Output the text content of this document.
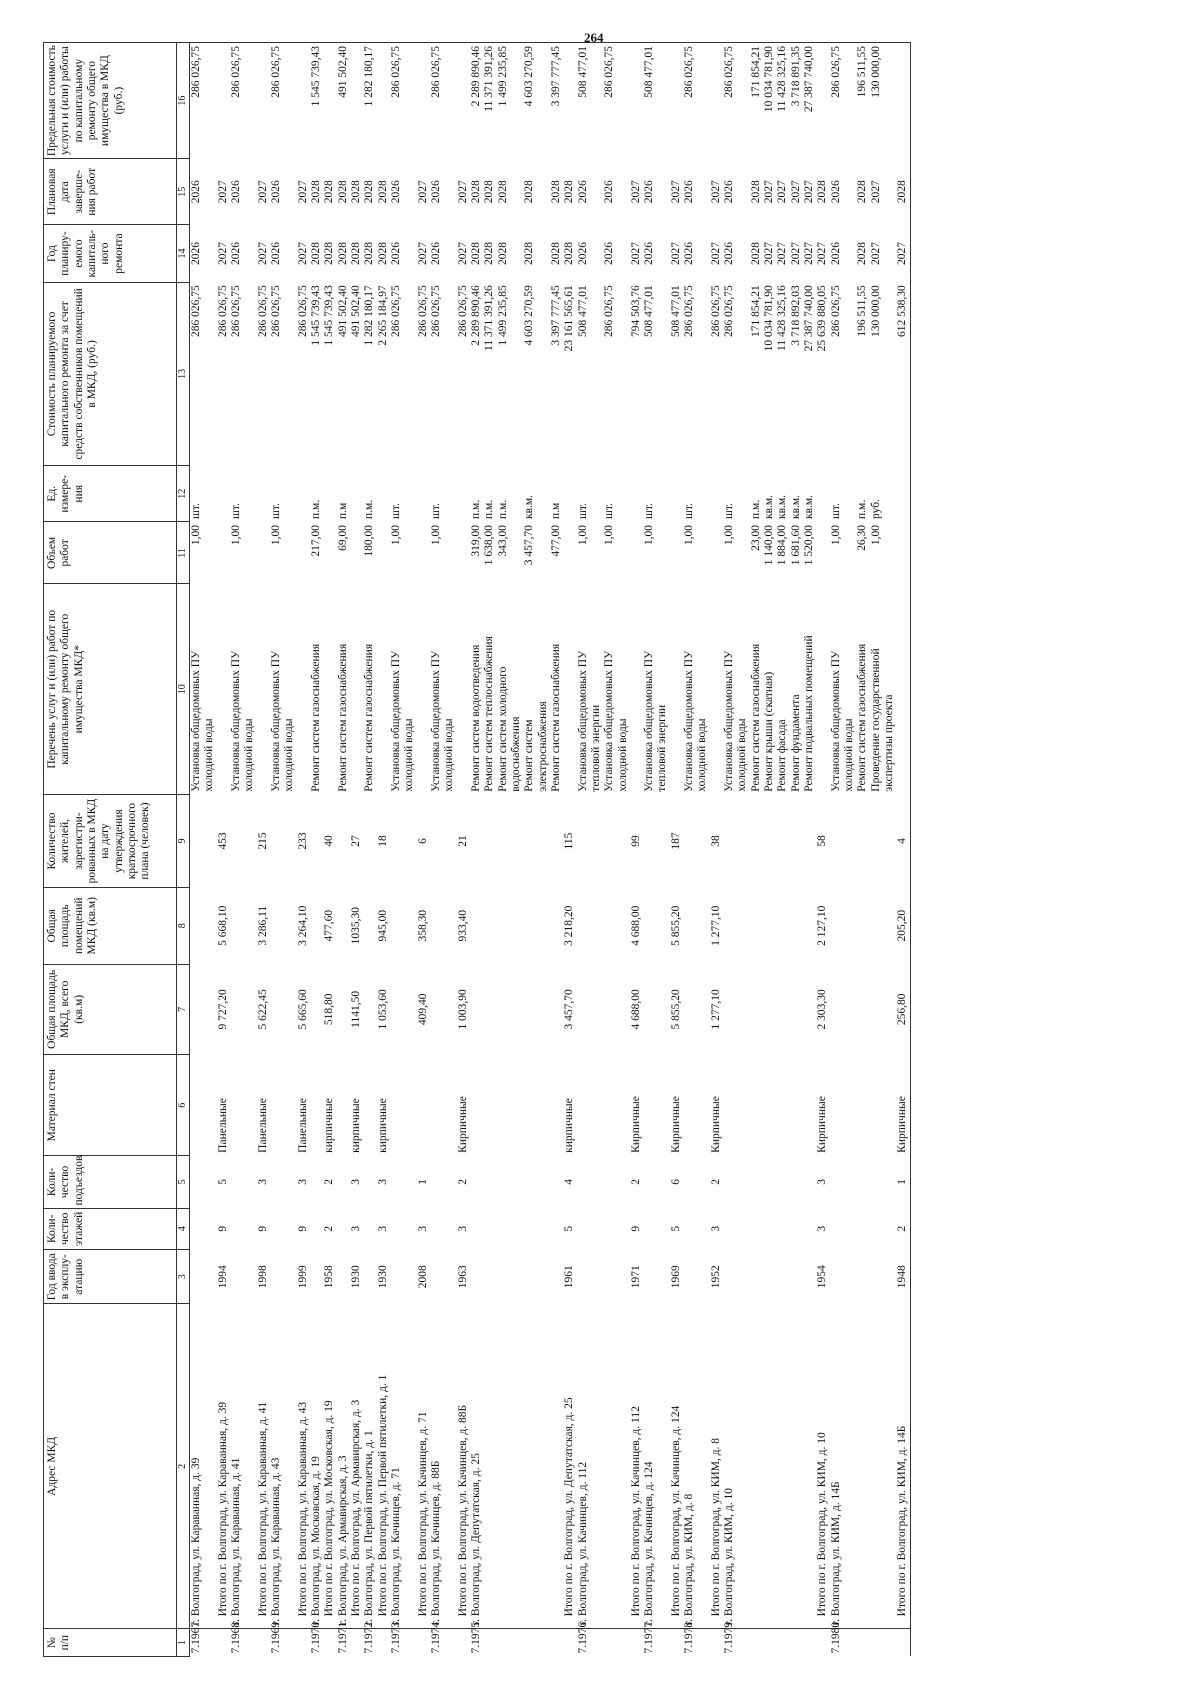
264
№ п/п	Адрес МКД	Год ввода в эксплу-атацию	Коли-чество этажей	Коли-чество подъездов	Материал стен	Общая площадь МКД, всего (кв.м)	Общая площадь помещений МКД (кв.м)	Количество жителей, зарегистри-рованных в МКД на дату утверждения краткосрочного плана (человек)	Перечень услуг и (или) работ по капитальному ремонту общего имущества МКД*	Объем работ	Ед. измере-ния	Стоимость планируемого капитального ремонта за счет средств собственников помещений в МКД, (руб.)	Год планиру-емого капиталь-ного ремонта	Плановая дата заверше-ния работ	Предельная стоимость услуги и (или) работы по капитальному ремонту общего имущества в МКД (руб.)
1	2	3	4	5	6	7	8	9	10	11	12	13	14	15	16
7.1967.	г. Волгоград, ул. Караванная, д. 39								Установка общедомовых ПУ	1,00	шт.	286 026,75	2026	2026	286 026,75
									холодной воды						
	Итого по г. Волгоград, ул. Караванная, д. 39	1994	9	5	Панельные	9 727,20	5 668,10	453				286 026,75	2027	2027	
7.1968.	г. Волгоград, ул. Караванная, д. 41								Установка общедомовых ПУ	1,00	шт.	286 026,75	2026	2026	286 026,75
									холодной воды						
	Итого по г. Волгоград, ул. Караванная, д. 41	1998	9	3	Панельные	5 622,45	3 286,11	215				286 026,75	2027	2027	
7.1969.	г. Волгоград, ул. Караванная, д. 43								Установка общедомовых ПУ	1,00	шт.	286 026,75	2026	2026	286 026,75
									холодной воды						
	Итого по г. Волгоград, ул. Караванная, д. 43	1999	9	3	Панельные	5 665,60	3 264,10	233				286 026,75	2027	2027	
7.1970.	г. Волгоград, ул. Московская, д. 19								Ремонт систем газоснабжения	217,00	п.м.	1 545 739,43	2028	2028	1 545 739,43
	Итого по г. Волгоград, ул. Московская, д. 19	1958	2	2	кирпичные	518,80	477,60	40				1 545 739,43	2028	2028	
7.1971.	г. Волгоград, ул. Армавирская, д. 3								Ремонт систем газоснабжения	69,00	п.м	491 502,40	2028	2028	491 502,40
	Итого по г. Волгоград, ул. Армавирская, д. 3	1930	3	3	кирпичные	1141,50	1035,30	27				491 502,40	2028	2028	
7.1972.	г. Волгоград, ул. Первой пятилетки, д. 1								Ремонт систем газоснабжения	180,00	п.м.	1 282 180,17	2028	2028	1 282 180,17
	Итого по г. Волгоград, ул. Первой пятилетки, д. 1	1930	3	3	кирпичные	1 053,60	945,00	18				2 265 184,97	2028	2028	
7.1973.	г. Волгоград, ул. Качинцев, д. 71								Установка общедомовых ПУ	1,00	шт.	286 026,75	2026	2026	286 026,75
									холодной воды						
	Итого по г. Волгоград, ул. Качинцев, д. 71	2008	3	1		409,40	358,30	6				286 026,75	2027	2027	
7.1974.	г. Волгоград, ул. Качинцев, д. 88Б								Установка общедомовых ПУ	1,00	шт.	286 026,75	2026	2026	286 026,75
									холодной воды						
	Итого по г. Волгоград, ул. Качинцев, д. 88Б	1963	3	2	Кирпичные	1 003,90	933,40	21				286 026,75	2027	2027	
7.1975.	г. Волгоград, ул. Депутатская, д. 25								Ремонт систем водоотведения	319,00	п.м.	2 289 890,46	2028	2028	2 289 890,46
									Ремонт систем теплоснабжения	1 638,00	п.м.	11 371 391,26	2028	2028	11 371 391,26

									Ремонт систем холодного	343,00	п.м.	1 499 235,85	2028	2028	1 499 235,85
									водоснабжения						
									Ремонт систем	3 457,70	кв.м.	4 603 270,59	2028	2028	4 603 270,59
									электроснабжения						
									Ремонт систем газоснабжения	477,00	п.м	3 397 777,45	2028	2028	3 397 777,45
	Итого по г. Волгоград, ул. Депутатская, д. 25	1961	5	4	кирпичные	3 457,70	3 218,20	115				23 161 565,61	2028	2028	
7.1976.	г. Волгоград, ул. Качинцев, д. 112								Установка общедомовых ПУ	1,00	шт.	508 477,01	2026	2026	508 477,01
									тепловой энергии						
									Установка общедомовых ПУ	1,00	шт.	286 026,75	2026	2026	286 026,75
									холодной воды						
	Итого по г. Волгоград, ул. Качинцев, д. 112	1971	9	2	Кирпичные	4 688,00	4 688,00	99				794 503,76	2027	2027	
7.1977.	г. Волгоград, ул. Качинцев, д. 124								Установка общедомовых ПУ	1,00	шт.	508 477,01	2026	2026	508 477,01
									тепловой энергии						
	Итого по г. Волгоград, ул. Качинцев, д. 124	1969	5	6	Кирпичные	5 855,20	5 855,20	187				508 477,01	2027	2027	
7.1978.	г. Волгоград, ул. КИМ, д. 8								Установка общедомовых ПУ	1,00	шт.	286 026,75	2026	2026	286 026,75
									холодной воды						
	Итого по г. Волгоград, ул. КИМ, д. 8	1952	3	2	Кирпичные	1 277,10	1 277,10	38				286 026,75	2027	2027	
7.1979.	г. Волгоград, ул. КИМ, д. 10								Установка общедомовых ПУ	1,00	шт.	286 026,75	2026	2026	286 026,75
									холодной воды						
									Ремонт систем газоснабжения	23,00	п.м.	171 854,21	2028	2028	171 854,21
									Ремонт крыши (скатная)	1 140,00	кв.м.	10 034 781,90	2027	2027	10 034 781,90
									Ремонт фасада	1 884,00	кв.м.	11 428 325,16	2027	2027	11 428 325,16
									Ремонт фундамента	1 681,60	кв.м.	3 718 892,03	2027	2027	3 718 891,35
									Ремонт подвальных помещений	1 520,00	кв.м.	27 387 740,00	2027	2027	27 387 740,00

	Итого по г. Волгоград, ул. КИМ, д. 10	1954	3	3	Кирпичные	2 303,30	2 127,10	58				25 639 880,05	2027	2028	
7.1980.	г. Волгоград, ул. КИМ, д. 14Б								Установка общедомовых ПУ	1,00	шт.	286 026,75	2026	2026	286 026,75
									холодной воды						
									Ремонт систем газоснабжения	26,30	п.м.	196 511,55	2028	2028	196 511,55
									Проведение государственной	1,00	руб.	130 000,00	2027	2027	130 000,00
									экспертизы проекта						

	Итого по г. Волгоград, ул. КИМ, д. 14Б	1948	2	1	Кирпичные	256,80	205,20	4				612 538,30	2027	2028	
